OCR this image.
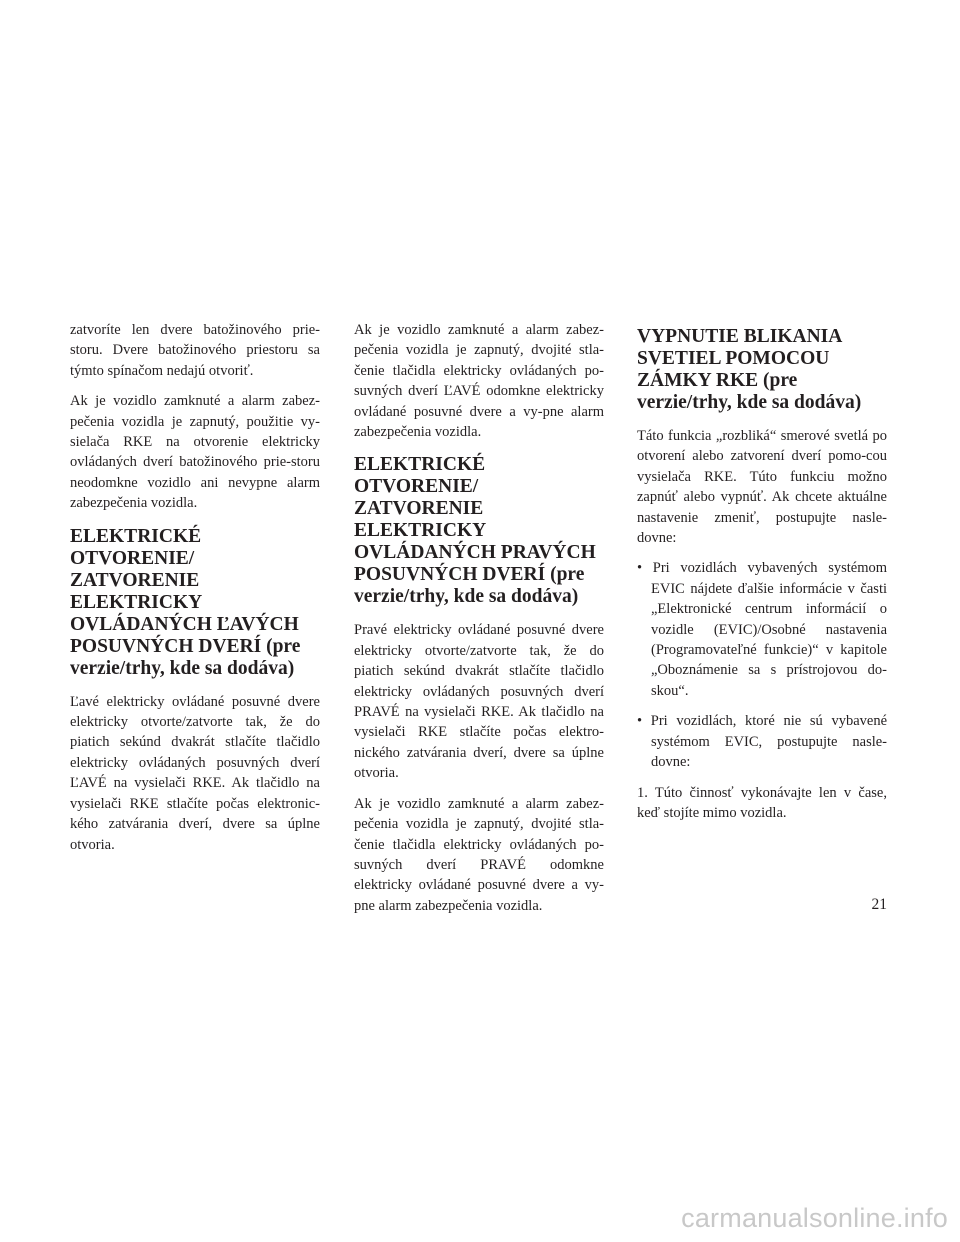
zatvoríte len dvere batožinového prie-storu. Dvere batožinového priestoru sa týmto spínačom nedajú otvoriť.

Ak je vozidlo zamknuté a alarm zabez-pečenia vozidla je zapnutý, použitie vy-sielača RKE na otvorenie elektricky ovládaných dverí batožinového prie-storu neodomkne vozidlo ani nevypne alarm zabezpečenia vozidla.

ELEKTRICKÉ OTVORENIE/ ZATVORENIE ELEKTRICKY OVLÁDANÝCH ĽAVÝCH POSUVNÝCH DVERÍ (pre verzie/trhy, kde sa dodáva)

Ľavé elektricky ovládané posuvné dvere elektricky otvorte/zatvorte tak, že do piatich sekúnd dvakrát stlačíte tlačidlo elektricky ovládaných posuvných dverí ĽAVÉ na vysielači RKE. Ak tlačidlo na vysielači RKE stlačíte počas elektronic-kého zatvárania dverí, dvere sa úplne otvoria.

Ak je vozidlo zamknuté a alarm zabez-pečenia vozidla je zapnutý, dvojité stla-čenie tlačidla elektricky ovládaných po-suvných dverí ĽAVÉ odomkne elektricky ovládané posuvné dvere a vy-pne alarm zabezpečenia vozidla.

ELEKTRICKÉ OTVORENIE/ ZATVORENIE ELEKTRICKY OVLÁDANÝCH PRAVÝCH POSUVNÝCH DVERÍ (pre verzie/trhy, kde sa dodáva)

Pravé elektricky ovládané posuvné dvere elektricky otvorte/zatvorte tak, že do piatich sekúnd dvakrát stlačíte tlačidlo elektricky ovládaných posuvných dverí PRAVÉ na vysielači RKE. Ak tlačidlo na vysielači RKE stlačíte počas elektro-nického zatvárania dverí, dvere sa úplne otvoria.

Ak je vozidlo zamknuté a alarm zabez-pečenia vozidla je zapnutý, dvojité stla-čenie tlačidla elektricky ovládaných po-suvných dverí PRAVÉ odomkne elektricky ovládané posuvné dvere a vy-pne alarm zabezpečenia vozidla.

VYPNUTIE BLIKANIA SVETIEL POMOCOU ZÁMKY RKE (pre verzie/trhy, kde sa dodáva)

Táto funkcia „rozbliká“ smerové svetlá po otvorení alebo zatvorení dverí pomo-cou vysielača RKE. Túto funkciu možno zapnúť alebo vypnúť. Ak chcete aktuálne nastavenie zmeniť, postupujte nasle-dovne:

• Pri vozidlách vybavených systémom EVIC nájdete ďalšie informácie v časti „Elektronické centrum informácií o vozidle (EVIC)/Osobné nastavenia (Programovateľné funkcie)“ v kapitole „Oboznámenie sa s prístrojovou do-skou“.

• Pri vozidlách, ktoré nie sú vybavené systémom EVIC, postupujte nasle-dovne:

1. Túto činnosť vykonávajte len v čase, keď stojíte mimo vozidla.

21
carmanualsonline.info
